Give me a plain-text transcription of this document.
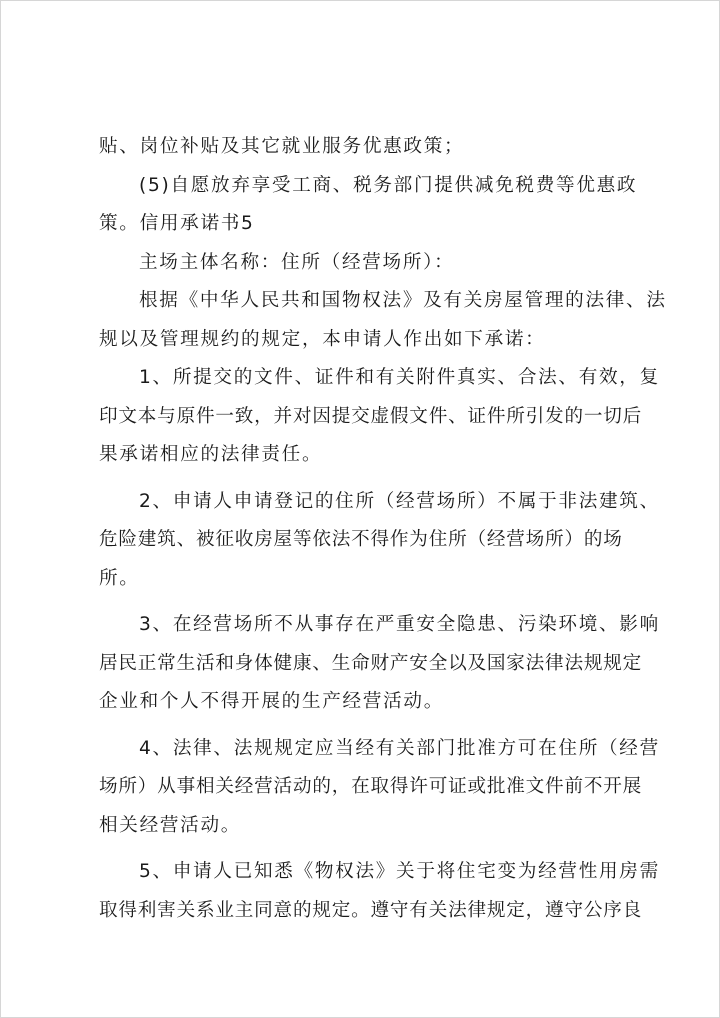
贴、岗位补贴及其它就业服务优惠政策；
(5)自愿放弃享受工商、税务部门提供减免税费等优惠政
策。信用承诺书5
主场主体名称：住所（经营场所）：
根据《中华人民共和国物权法》及有关房屋管理的法律、法
规以及管理规约的规定，本申请人作出如下承诺：
1、所提交的文件、证件和有关附件真实、合法、有效，复
印文本与原件一致，并对因提交虚假文件、证件所引发的一切后
果承诺相应的法律责任。
2、申请人申请登记的住所（经营场所）不属于非法建筑、
危险建筑、被征收房屋等依法不得作为住所（经营场所）的场
所。
3、在经营场所不从事存在严重安全隐患、污染环境、影响
居民正常生活和身体健康、生命财产安全以及国家法律法规规定
企业和个人不得开展的生产经营活动。
4、法律、法规规定应当经有关部门批准方可在住所（经营
场所）从事相关经营活动的，在取得许可证或批准文件前不开展
相关经营活动。
5、申请人已知悉《物权法》关于将住宅变为经营性用房需
取得利害关系业主同意的规定。遵守有关法律规定，遵守公序良
